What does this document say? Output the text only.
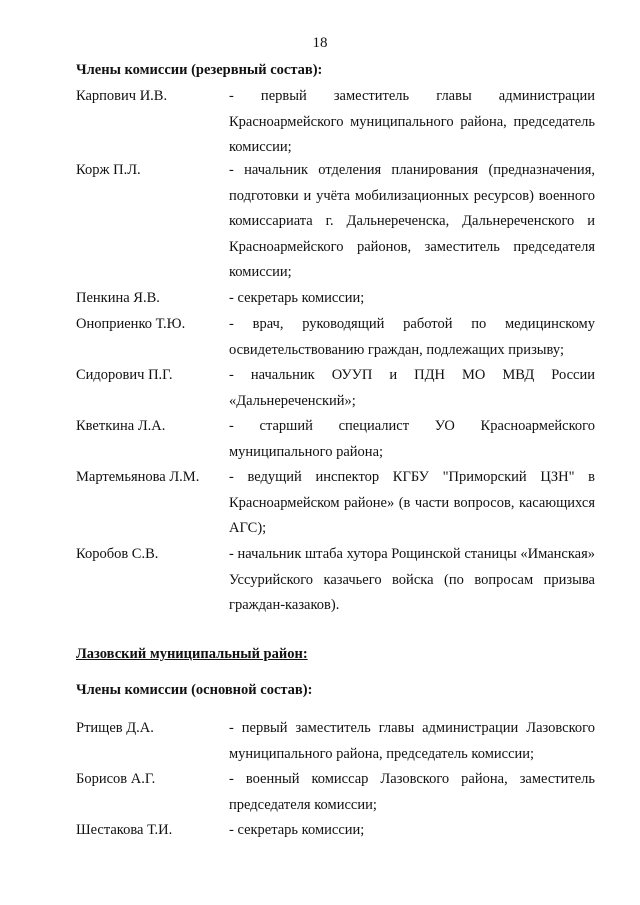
18
Члены комиссии (резервный состав):
Карпович И.В.	- первый заместитель главы администрации Красноармейского муниципального района, председатель комиссии;
Корж П.Л.	- начальник отделения планирования (предназначения, подготовки и учёта мобилизационных ресурсов) военного комиссариата г. Дальнереченска, Дальнереченского и Красноармейского районов, заместитель председателя комиссии;
Пенкина Я.В.	- секретарь комиссии;
Оноприенко Т.Ю.	- врач, руководящий работой по медицинскому освидетельствованию граждан, подлежащих призыву;
Сидорович П.Г.	- начальник ОУУП и ПДН МО МВД России «Дальнереченский»;
Кветкина Л.А.	- старший специалист УО Красноармейского муниципального района;
Мартемьянова Л.М.	- ведущий инспектор КГБУ "Приморский ЦЗН" в Красноармейском районе» (в части вопросов, касающихся АГС);
Коробов С.В.	- начальник штаба хутора Рощинской станицы «Иманская» Уссурийского казачьего войска (по вопросам призыва граждан-казаков).
Лазовский муниципальный район:
Члены комиссии (основной состав):
Ртищев Д.А.	- первый заместитель главы администрации Лазовского муниципального района, председатель комиссии;
Борисов А.Г.	- военный комиссар Лазовского района, заместитель председателя комиссии;
Шестакова Т.И.	- секретарь комиссии;
